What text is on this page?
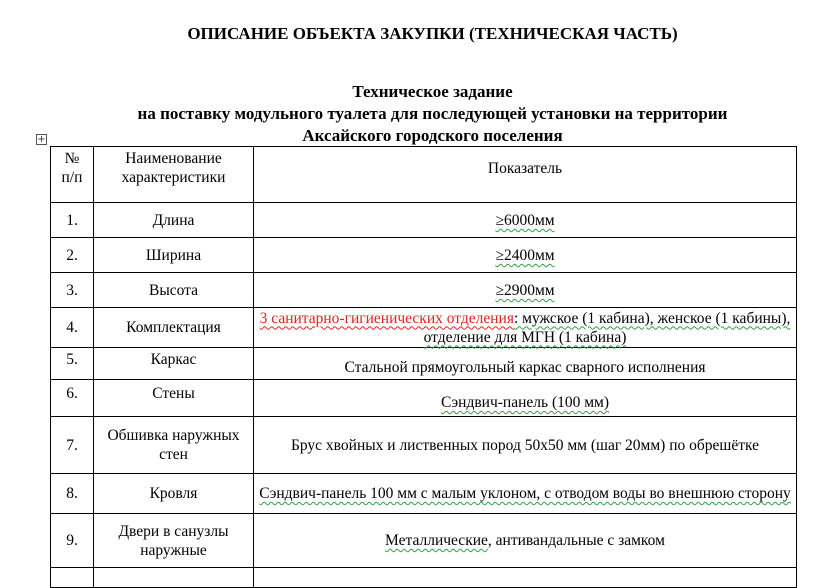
ОПИСАНИЕ ОБЪЕКТА ЗАКУПКИ (ТЕХНИЧЕСКАЯ ЧАСТЬ)
Техническое задание
на поставку модульного туалета для последующей установки на территории
Аксайского городского поселения
+
№
п/п	Наименование характеристики	Показатель
1.	Длина	≥6000мм
2.	Ширина	≥2400мм
3.	Высота	≥2900мм
4.	Комплектация	3 санитарно-гигиенических отделения: мужское (1 кабина), женское (1 кабины), отделение для МГН (1 кабина)
5.	Каркас	Стальной прямоугольный каркас сварного исполнения
6.	Стены	Сэндвич-панель (100 мм)
7.	Обшивка наружных стен	Брус хвойных и лиственных пород 50х50 мм (шаг 20мм) по обрешётке
8.	Кровля	Сэндвич-панель 100 мм с малым уклоном, с отводом воды во внешнюю сторону
9.	Двери в санузлы наружные	Металлические, антивандальные с замком
